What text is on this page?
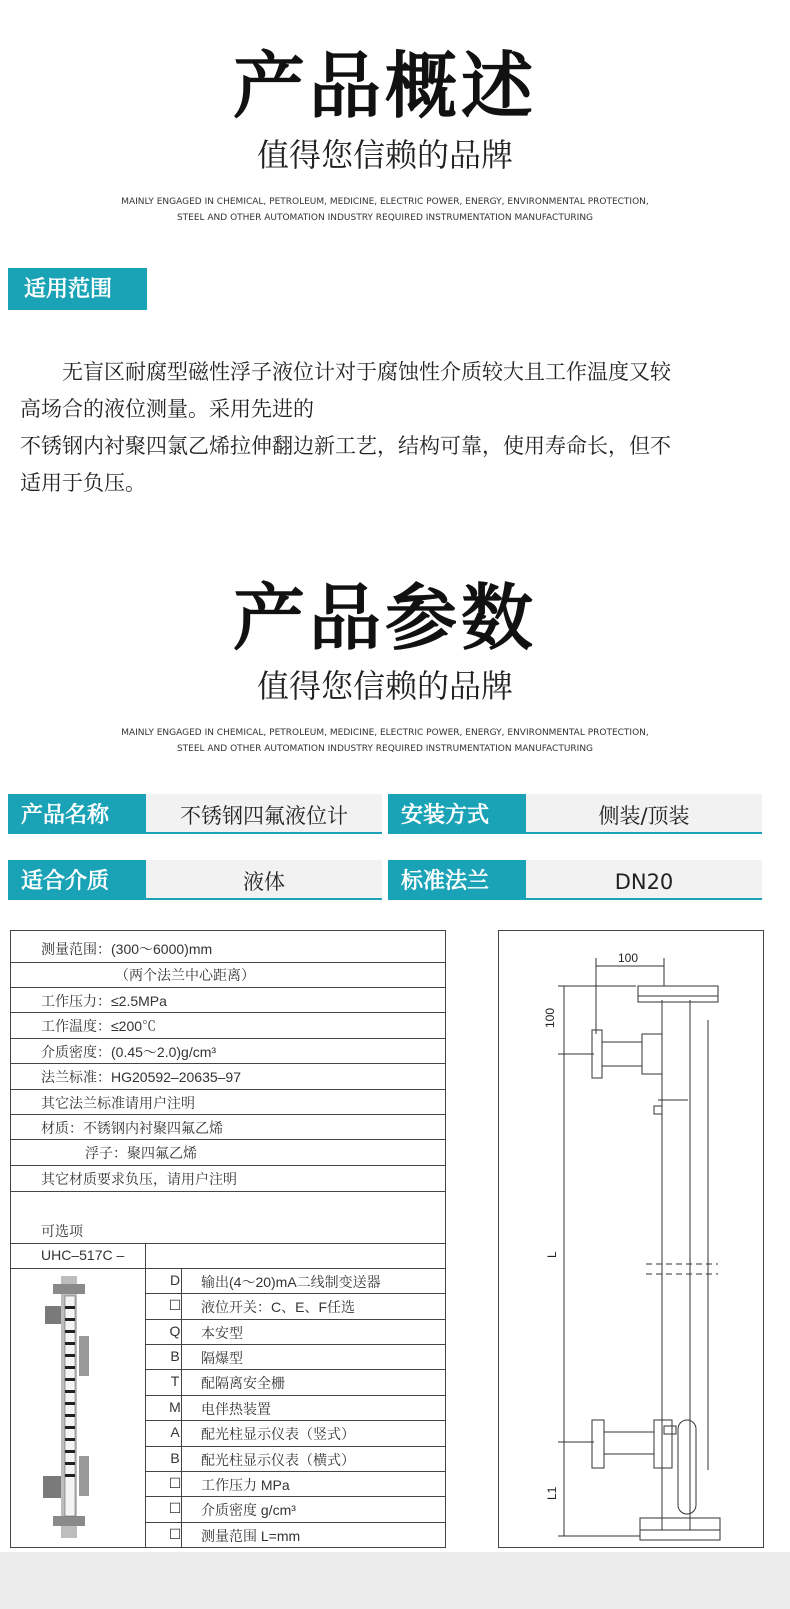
产品概述
值得您信赖的品牌
MAINLY ENGAGED IN CHEMICAL, PETROLEUM, MEDICINE, ELECTRIC POWER, ENERGY, ENVIRONMENTAL PROTECTION,
STEEL AND OTHER AUTOMATION INDUSTRY REQUIRED INSTRUMENTATION MANUFACTURING
适用范围
无盲区耐腐型磁性浮子液位计对于腐蚀性介质较大且工作温度又较
高场合的液位测量。采用先进的
不锈钢内衬聚四氯乙烯拉伸翻边新工艺，结构可靠，使用寿命长，但不
适用于负压。
产品参数
值得您信赖的品牌
MAINLY ENGAGED IN CHEMICAL, PETROLEUM, MEDICINE, ELECTRIC POWER, ENERGY, ENVIRONMENTAL PROTECTION,
STEEL AND OTHER AUTOMATION INDUSTRY REQUIRED INSTRUMENTATION MANUFACTURING
产品名称	不锈钢四氟液位计	安装方式	侧装/顶装
适合介质	液体	标准法兰	DN20
测量范围：(300～6000)mm
（两个法兰中心距离）
工作压力：≤2.5MPa
工作温度：≤200℃
介质密度：(0.45～2.0)g/cm³
法兰标准：HG20592–20635–97
其它法兰标准请用户注明
材质：不锈钢内衬聚四氟乙烯
浮子：聚四氟乙烯
其它材质要求负压，请用户注明
可选项
UHC–517C –
D	输出(4～20)mA二线制变送器
☐	液位开关：C、E、F任选
Q	本安型
B	隔爆型
T	配隔离安全栅
M	电伴热装置
A	配光柱显示仪表（竖式）
B	配光柱显示仪表（横式）
☐	工作压力 MPa
☐	介质密度 g/cm³
☐	测量范围 L=mm
100
100
L
L1
